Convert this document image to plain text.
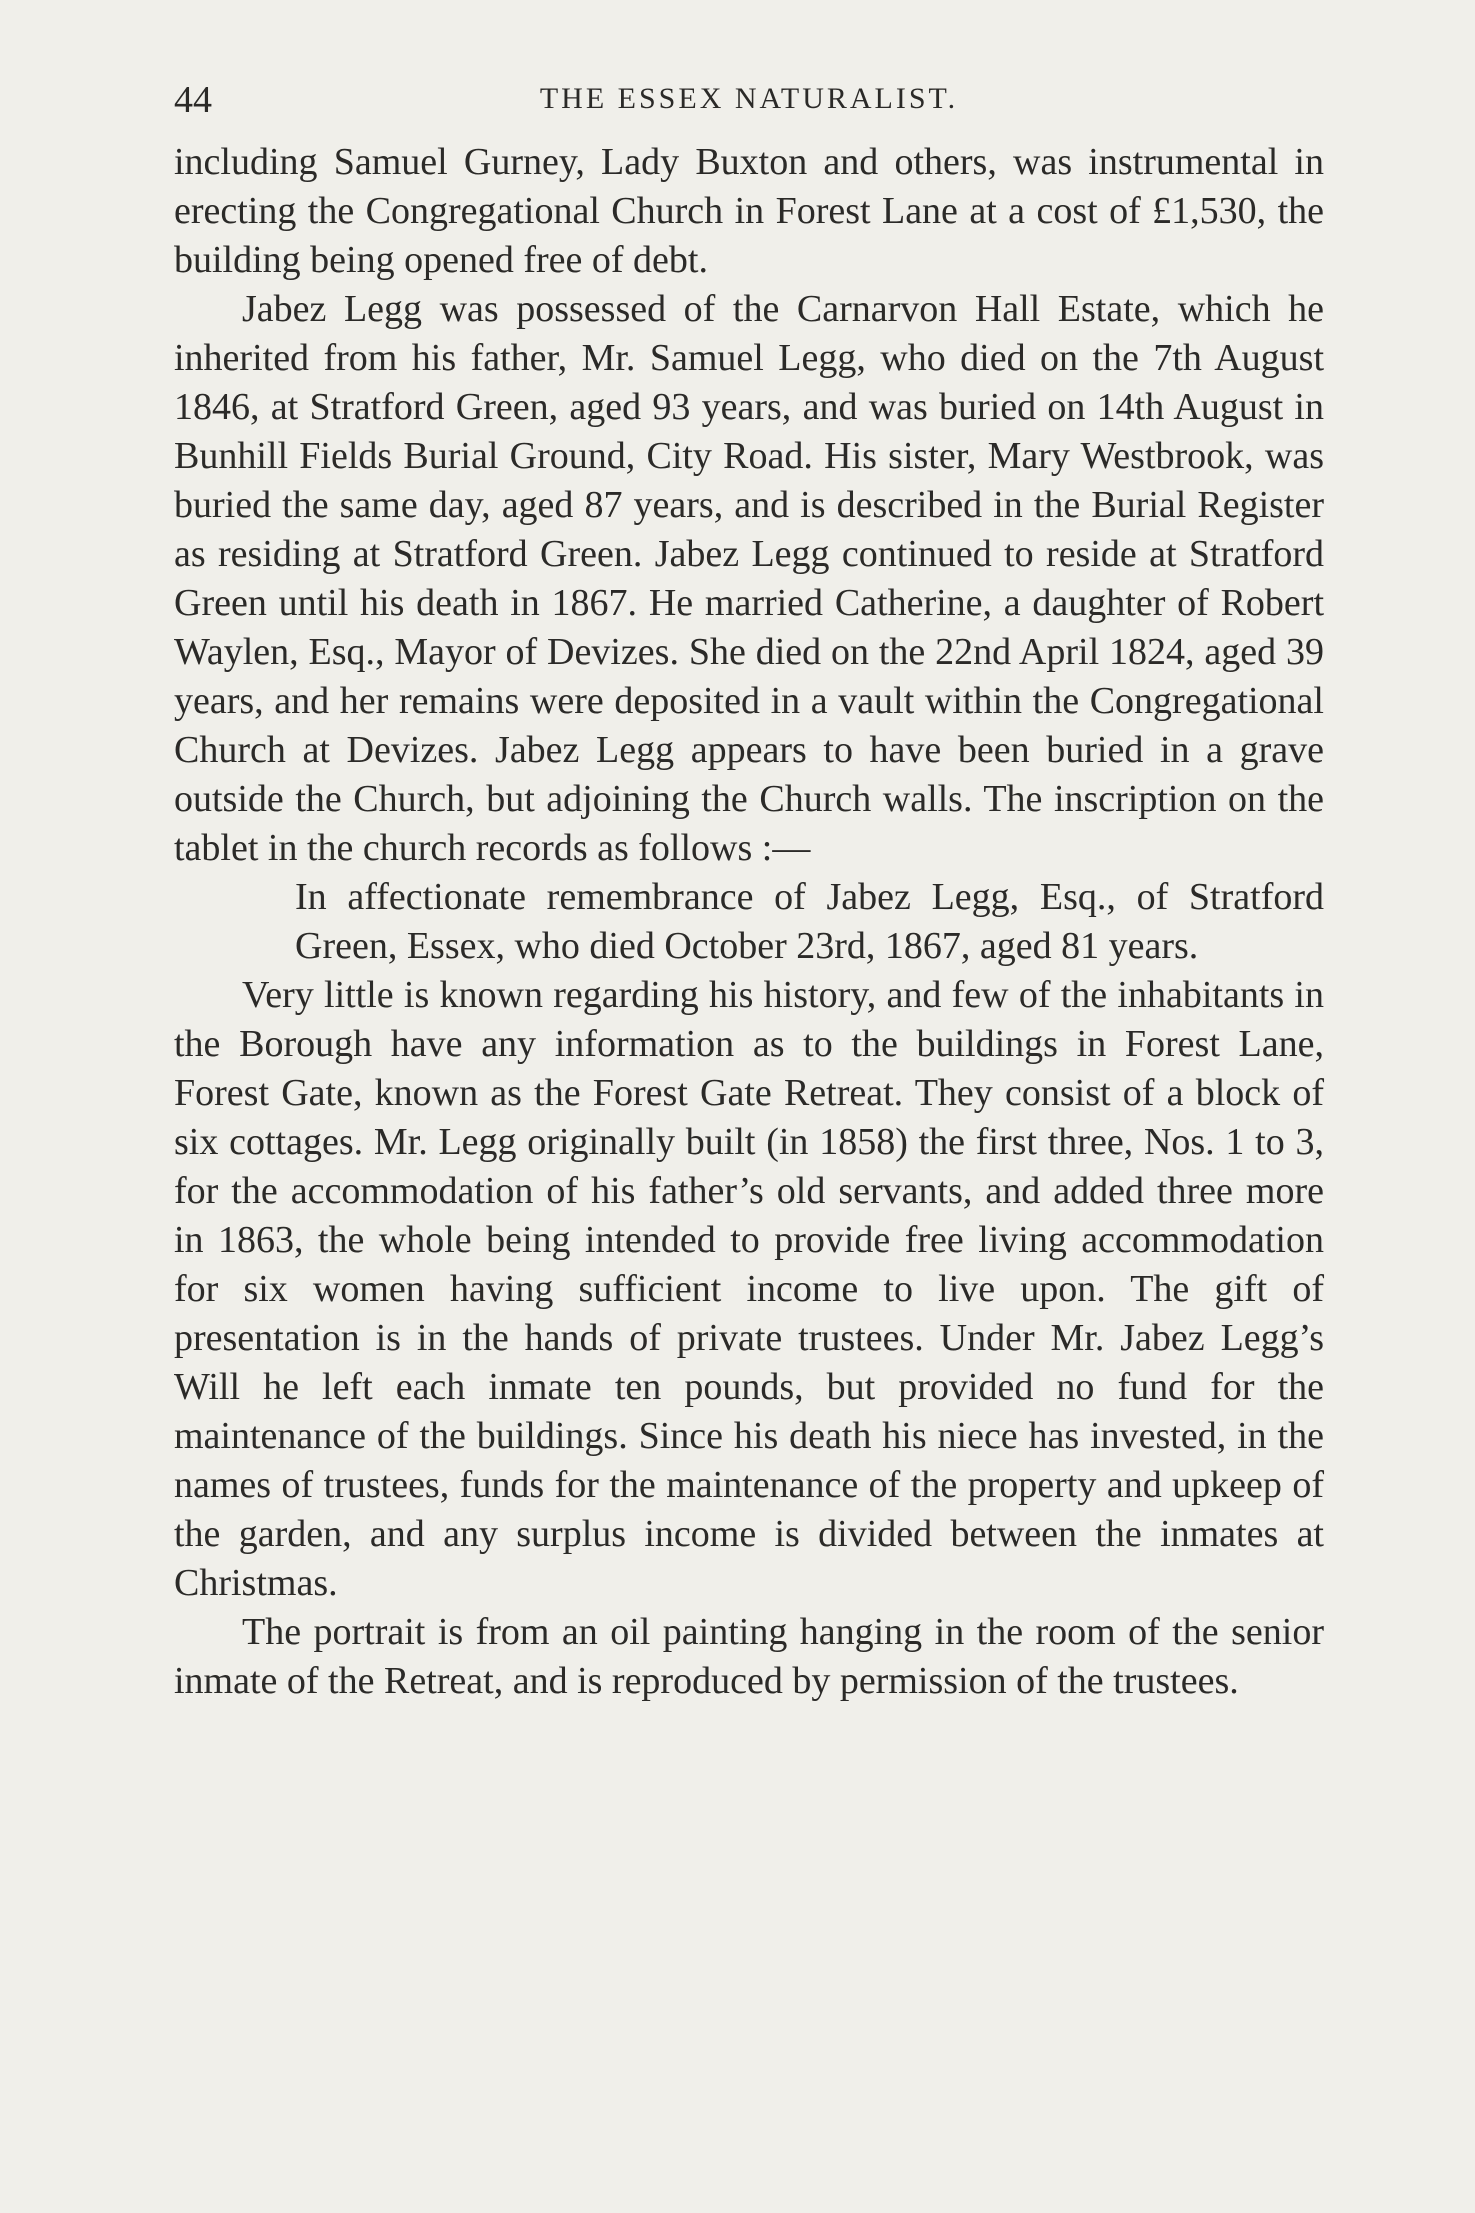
44	THE ESSEX NATURALIST.

including Samuel Gurney, Lady Buxton and others, was instrumental in erecting the Congregational Church in Forest Lane at a cost of £1,530, the building being opened free of debt.

Jabez Legg was possessed of the Carnarvon Hall Estate, which he inherited from his father, Mr. Samuel Legg, who died on the 7th August 1846, at Stratford Green, aged 93 years, and was buried on 14th August in Bunhill Fields Burial Ground, City Road. His sister, Mary Westbrook, was buried the same day, aged 87 years, and is described in the Burial Register as residing at Stratford Green. Jabez Legg continued to reside at Stratford Green until his death in 1867. He married Catherine, a daughter of Robert Waylen, Esq., Mayor of Devizes. She died on the 22nd April 1824, aged 39 years, and her remains were deposited in a vault within the Congregational Church at Devizes. Jabez Legg appears to have been buried in a grave outside the Church, but adjoining the Church walls. The inscription on the tablet in the church records as follows :—

In affectionate remembrance of Jabez Legg, Esq., of Stratford Green, Essex, who died October 23rd, 1867, aged 81 years.

Very little is known regarding his history, and few of the inhabitants in the Borough have any information as to the buildings in Forest Lane, Forest Gate, known as the Forest Gate Retreat. They consist of a block of six cottages. Mr. Legg originally built (in 1858) the first three, Nos. 1 to 3, for the accommodation of his father’s old servants, and added three more in 1863, the whole being intended to provide free living accommodation for six women having sufficient income to live upon. The gift of presentation is in the hands of private trustees. Under Mr. Jabez Legg’s Will he left each inmate ten pounds, but provided no fund for the maintenance of the buildings. Since his death his niece has invested, in the names of trustees, funds for the maintenance of the property and upkeep of the garden, and any surplus income is divided between the inmates at Christmas.

The portrait is from an oil painting hanging in the room of the senior inmate of the Retreat, and is reproduced by permission of the trustees.
